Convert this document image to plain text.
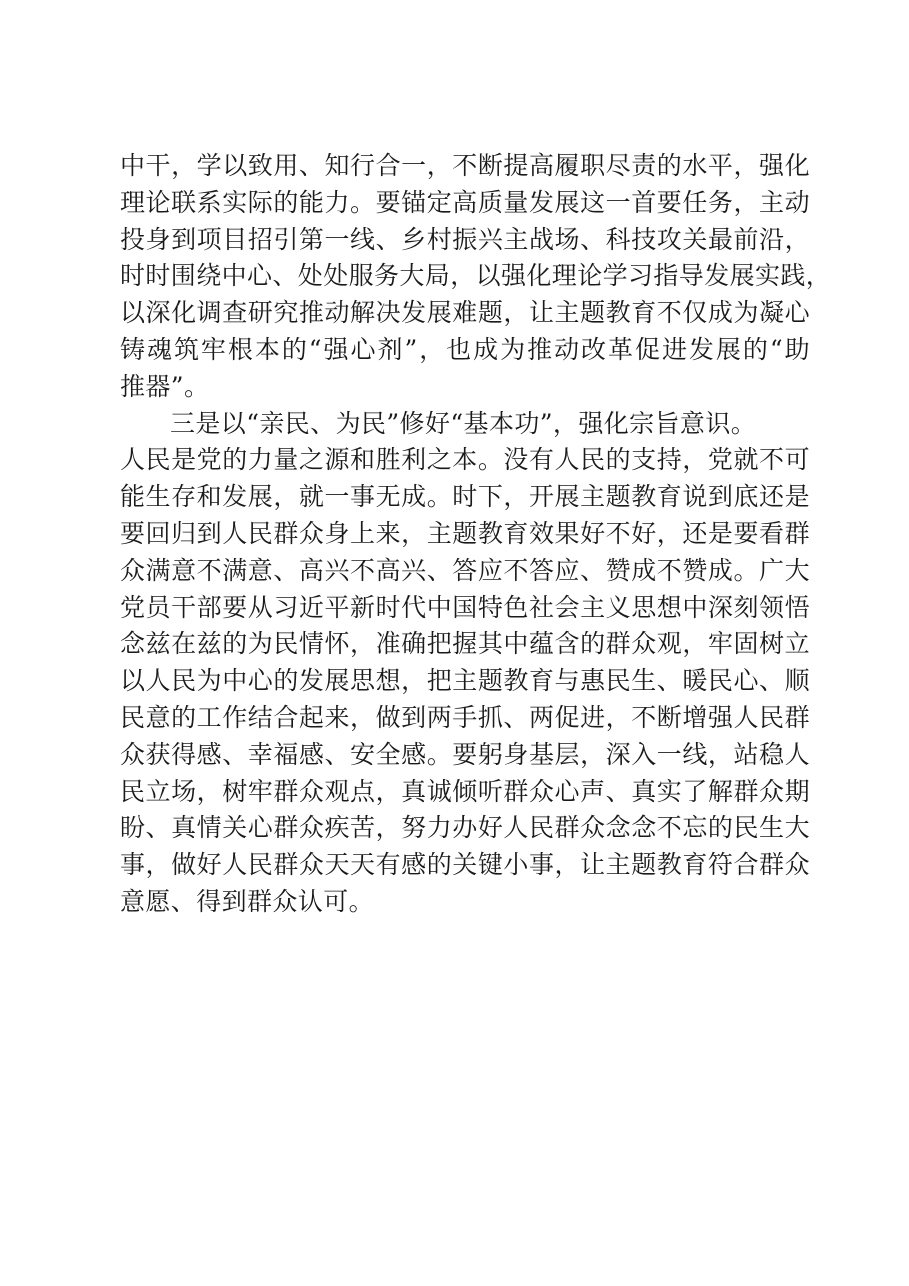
中干，学以致用、知行合一，不断提高履职尽责的水平，强化
理论联系实际的能力。要锚定高质量发展这一首要任务，主动
投身到项目招引第一线、乡村振兴主战场、科技攻关最前沿，
时时围绕中心、处处服务大局，以强化理论学习指导发展实践，
以深化调查研究推动解决发展难题，让主题教育不仅成为凝心
铸魂筑牢根本的“强心剂”，也成为推动改革促进发展的“助
推器”。
三是以“亲民、为民”修好“基本功”，强化宗旨意识。
人民是党的力量之源和胜利之本。没有人民的支持，党就不可
能生存和发展，就一事无成。时下，开展主题教育说到底还是
要回归到人民群众身上来，主题教育效果好不好，还是要看群
众满意不满意、高兴不高兴、答应不答应、赞成不赞成。广大
党员干部要从习近平新时代中国特色社会主义思想中深刻领悟
念兹在兹的为民情怀，准确把握其中蕴含的群众观，牢固树立
以人民为中心的发展思想，把主题教育与惠民生、暖民心、顺
民意的工作结合起来，做到两手抓、两促进，不断增强人民群
众获得感、幸福感、安全感。要躬身基层，深入一线，站稳人
民立场，树牢群众观点，真诚倾听群众心声、真实了解群众期
盼、真情关心群众疾苦，努力办好人民群众念念不忘的民生大
事，做好人民群众天天有感的关键小事，让主题教育符合群众
意愿、得到群众认可。
